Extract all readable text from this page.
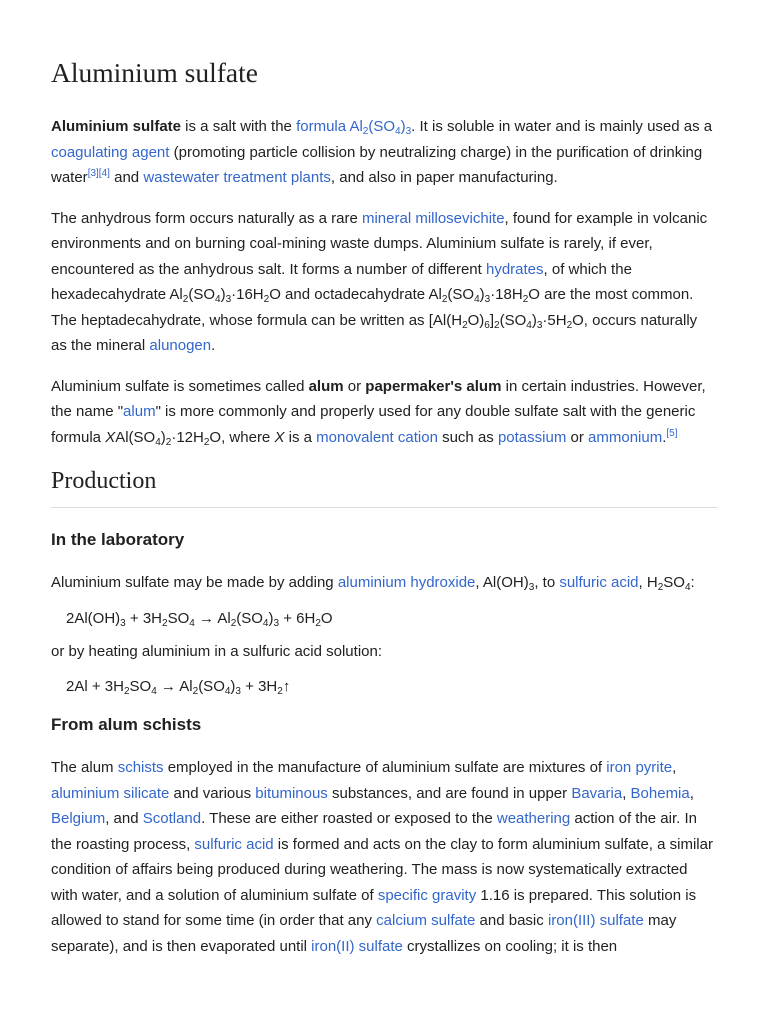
Aluminium sulfate

Aluminium sulfate is a salt with the formula $Al_2(SO_4)_3$. It is soluble in water and is mainly used as a coagulating agent (promoting particle collision by neutralizing charge) in the purification of drinking water[3][4] and wastewater treatment plants, and also in paper manufacturing.

The anhydrous form occurs naturally as a rare mineral millosevichite, found for example in volcanic environments and on burning coal-mining waste dumps. Aluminium sulfate is rarely, if ever, encountered as the anhydrous salt. It forms a number of different hydrates, of which the hexadecahydrate $Al_2(SO_4)_3\cdot 16H_2O$ and octadecahydrate $Al_2(SO_4)_3\cdot 18H_2O$ are the most common. The heptadecahydrate, whose formula can be written as $[Al(H_2O)_6]_2(SO_4)_3\cdot 5H_2O$, occurs naturally as the mineral alunogen.

Aluminium sulfate is sometimes called alum or papermaker's alum in certain industries. However, the name "alum" is more commonly and properly used for any double sulfate salt with the generic formula $XAl(SO_4)_2\cdot 12H_2O$, where X is a monovalent cation such as potassium or ammonium.[5]

Production
In the laboratory

Aluminium sulfate may be made by adding aluminium hydroxide, $Al(OH)_3$, to sulfuric acid, $H_2SO_4$:

$2Al(OH)_3 + 3H_2SO_4 \to Al_2(SO_4)_3 + 6H_2O$

or by heating aluminium in a sulfuric acid solution:

$2Al + 3H_2SO_4 \to Al_2(SO_4)_3$ + $3H_2↑$
From alum schists

The alum schists employed in the manufacture of aluminium sulfate are mixtures of iron pyrite, aluminium silicate and various bituminous substances, and are found in upper Bavaria, Bohemia, Belgium, and Scotland. These are either roasted or exposed to the weathering action of the air. In the roasting process, sulfuric acid is formed and acts on the clay to form aluminium sulfate, a similar condition of affairs being produced during weathering. The mass is now systematically extracted with water, and a solution of aluminium sulfate of specific gravity 1.16 is prepared. This solution is allowed to stand for some time (in order that any calcium sulfate and basic iron(III) sulfate may separate), and is then evaporated until iron(II) sulfate crystallizes on cooling; it is then
